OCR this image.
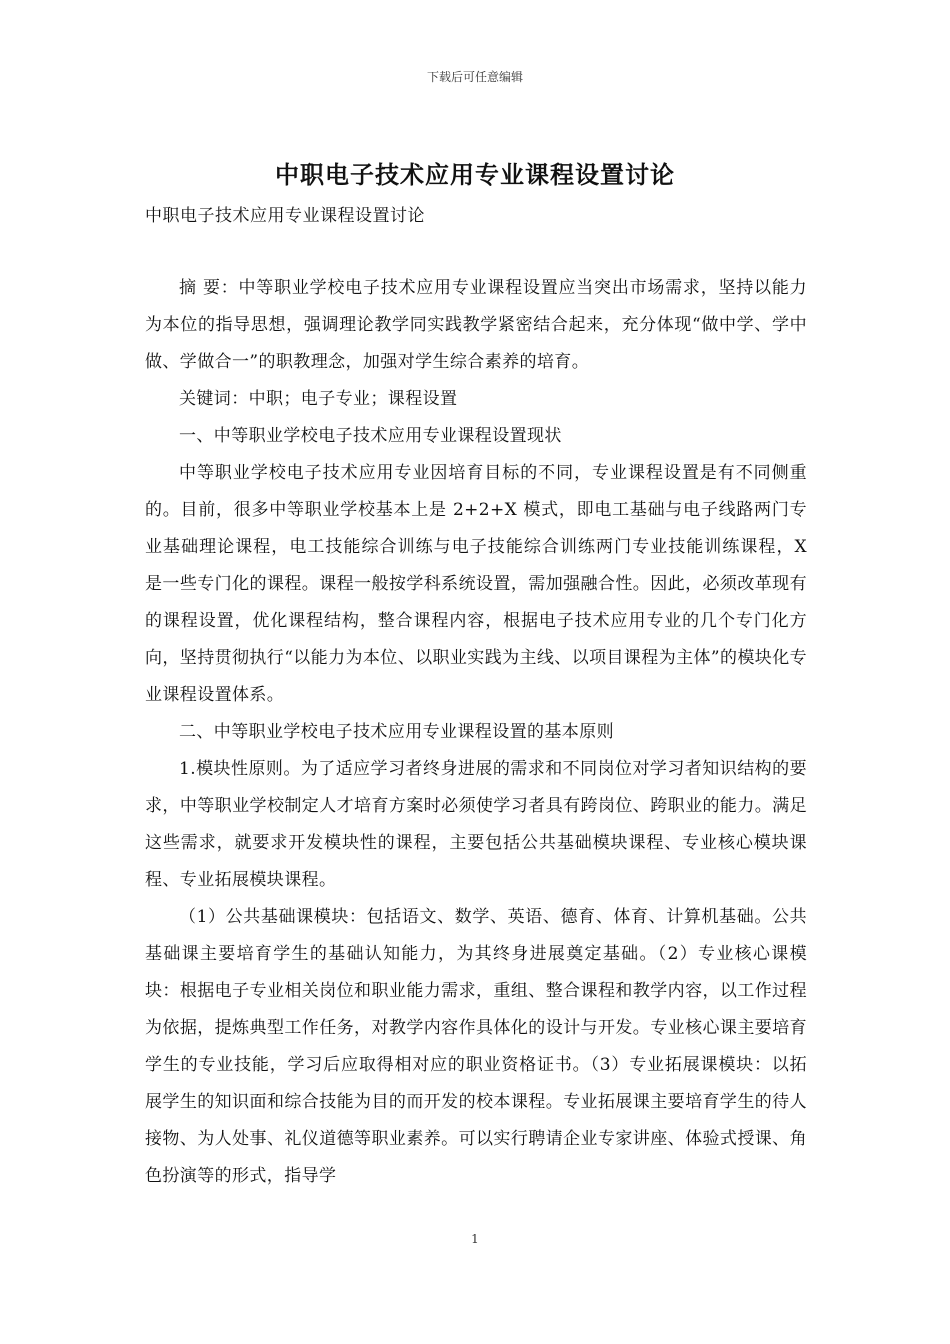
下载后可任意编辑
中职电子技术应用专业课程设置讨论

中职电子技术应用专业课程设置讨论

摘 要：中等职业学校电子技术应用专业课程设置应当突出市场需求，坚持以能力为本位的指导思想，强调理论教学同实践教学紧密结合起来，充分体现“做中学、学中做、学做合一”的职教理念，加强对学生综合素养的培育。

关键词：中职；电子专业；课程设置

一、中等职业学校电子技术应用专业课程设置现状

中等职业学校电子技术应用专业因培育目标的不同，专业课程设置是有不同侧重的。目前，很多中等职业学校基本上是 2+2+X 模式，即电工基础与电子线路两门专业基础理论课程，电工技能综合训练与电子技能综合训练两门专业技能训练课程，X 是一些专门化的课程。课程一般按学科系统设置，需加强融合性。因此，必须改革现有的课程设置，优化课程结构，整合课程内容，根据电子技术应用专业的几个专门化方向，坚持贯彻执行“以能力为本位、以职业实践为主线、以项目课程为主体”的模块化专业课程设置体系。

二、中等职业学校电子技术应用专业课程设置的基本原则

1.模块性原则。为了适应学习者终身进展的需求和不同岗位对学习者知识结构的要求，中等职业学校制定人才培育方案时必须使学习者具有跨岗位、跨职业的能力。满足这些需求，就要求开发模块性的课程，主要包括公共基础模块课程、专业核心模块课程、专业拓展模块课程。

（1）公共基础课模块：包括语文、数学、英语、德育、体育、计算机基础。公共基础课主要培育学生的基础认知能力，为其终身进展奠定基础。（2）专业核心课模块：根据电子专业相关岗位和职业能力需求，重组、整合课程和教学内容，以工作过程为依据，提炼典型工作任务，对教学内容作具体化的设计与开发。专业核心课主要培育学生的专业技能，学习后应取得相对应的职业资格证书。（3）专业拓展课模块：以拓展学生的知识面和综合技能为目的而开发的校本课程。专业拓展课主要培育学生的待人接物、为人处事、礼仪道德等职业素养。可以实行聘请企业专家讲座、体验式授课、角色扮演等的形式，指导学

1
